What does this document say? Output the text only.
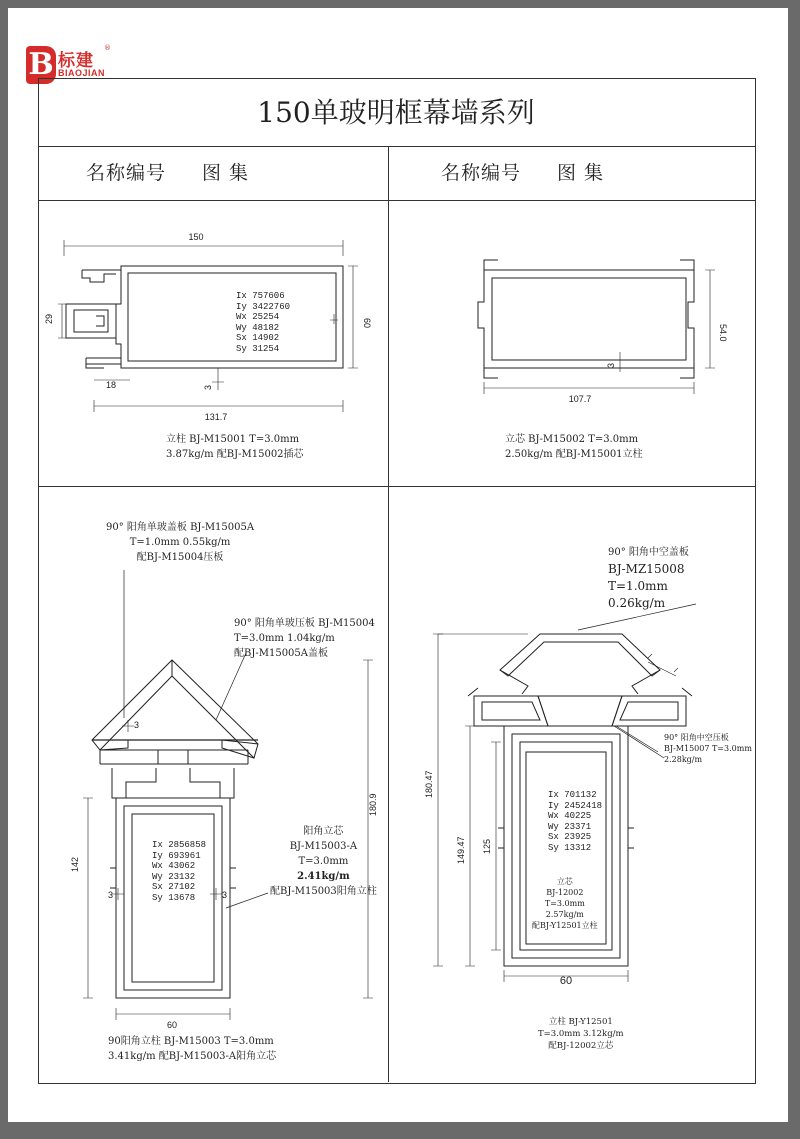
B 标建
BIAOJIAN
®
150单玻明框幕墙系列
名称编号 图 集	名称编号 图 集
150
60
29
18	3
131.7
Ix 757606
Iy 3422760
Wx 25254
Wy 48182
Sx 14902
Sy 31254
立柱 BJ-M15001 T=3.0mm
3.87kg/m 配BJ-M15002插芯
54.0
107.7
3
立芯 BJ-M15002 T=3.0mm
2.50kg/m 配BJ-M15001立柱
90° 阳角单玻盖板 BJ-M15005A
T=1.0mm 0.55kg/m
配BJ-M15004压板
90° 阳角单玻压板 BJ-M15004
T=3.0mm 1.04kg/m
配BJ-M15005A盖板
142
180.9
60
3
3	3
Ix 2856858
Iy 693961
Wx 43062
Wy 23132
Sx 27102
Sy 13678
阳角立芯
BJ-M15003-A
T=3.0mm
2.41kg/m
配BJ-M15003阳角立柱
90阳角立柱 BJ-M15003 T=3.0mm
3.41kg/m 配BJ-M15003-A阳角立芯
90° 阳角中空盖板
BJ-MZ15008
T=1.0mm
0.26kg/m
90° 阳角中空压板
BJ-M15007 T=3.0mm
2.28kg/m
180.47
149.47 125
60
Ix 701132
Iy 2452418
Wx 40225
Wy 23371
Sx 23925
Sy 13312
立芯
BJ-12002
T=3.0mm
2.57kg/m
配BJ-Y12501立柱
立柱 BJ-Y12501
T=3.0mm 3.12kg/m
配BJ-12002立芯
